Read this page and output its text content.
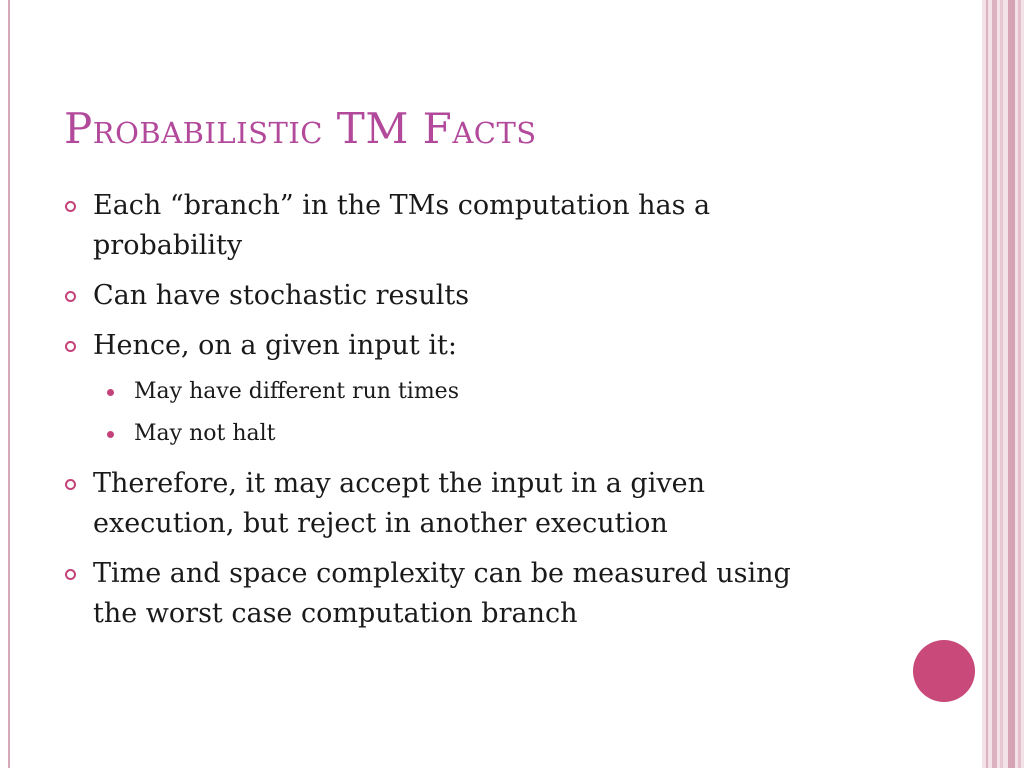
Probabilistic TM Facts
Each “branch” in the TMs computation has a probability
Can have stochastic results
Hence, on a given input it:
May have different run times
May not halt
Therefore, it may accept the input in a given execution, but reject in another execution
Time and space complexity can be measured using the worst case computation branch
